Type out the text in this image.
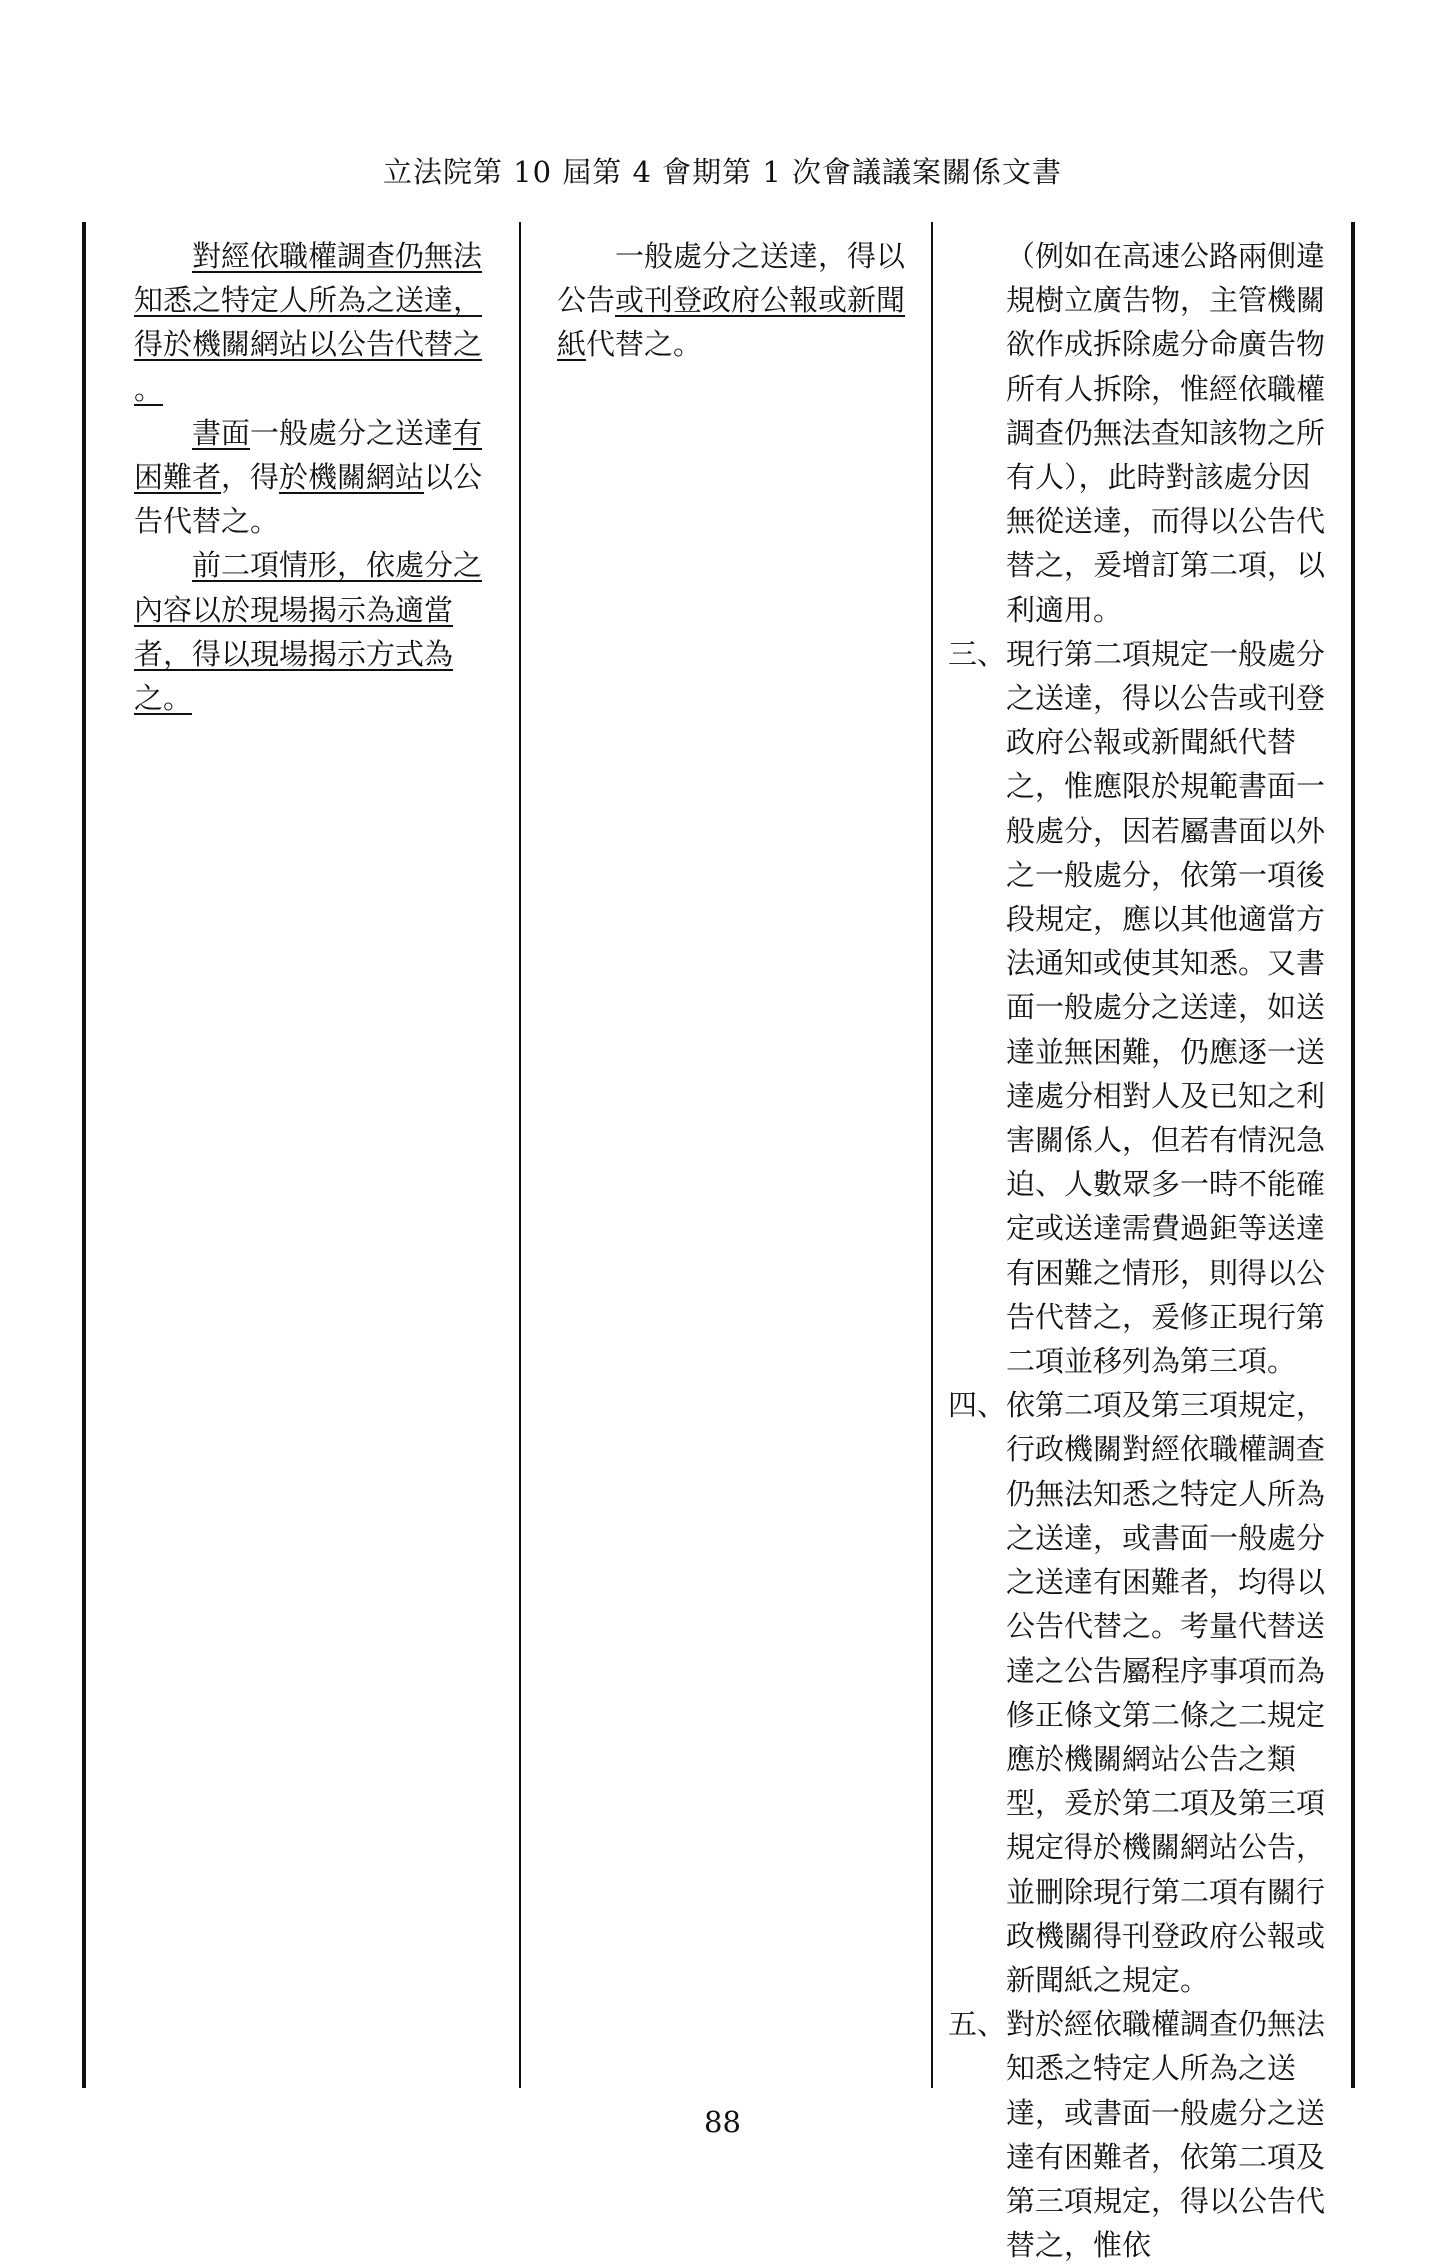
立法院第 10 屆第 4 會期第 1 次會議議案關係文書

對經依職權調查仍無法知悉之特定人所為之送達，得於機關網站以公告代替之
。

書面一般處分之送達有困難者，得於機關網站以公告代替之。

前二項情形，依處分之內容以於現場揭示為適當者，得以現場揭示方式為之。

一般處分之送達，得以公告或刊登政府公報或新聞紙代替之。

（例如在高速公路兩側違規樹立廣告物，主管機關欲作成拆除處分命廣告物所有人拆除，惟經依職權調查仍無法查知該物之所有人），此時對該處分因無從送達，而得以公告代替之，爰增訂第二項，以利適用。

三、 現行第二項規定一般處分之送達，得以公告或刊登政府公報或新聞紙代替之，惟應限於規範書面一般處分，因若屬書面以外之一般處分，依第一項後段規定，應以其他適當方法通知或使其知悉。又書面一般處分之送達，如送達並無困難，仍應逐一送達處分相對人及已知之利害關係人，但若有情況急迫、人數眾多一時不能確定或送達需費過鉅等送達有困難之情形，則得以公告代替之，爰修正現行第二項並移列為第三項。
四、 依第二項及第三項規定，行政機關對經依職權調查仍無法知悉之特定人所為之送達，或書面一般處分之送達有困難者，均得以公告代替之。考量代替送達之公告屬程序事項而為修正條文第二條之二規定應於機關網站公告之類型，爰於第二項及第三項規定得於機關網站公告，並刪除現行第二項有關行政機關得刊登政府公報或新聞紙之規定。
五、 對於經依職權調查仍無法知悉之特定人所為之送達，或書面一般處分之送達有困難者，依第二項及第三項規定，得以公告代替之，惟依
88
